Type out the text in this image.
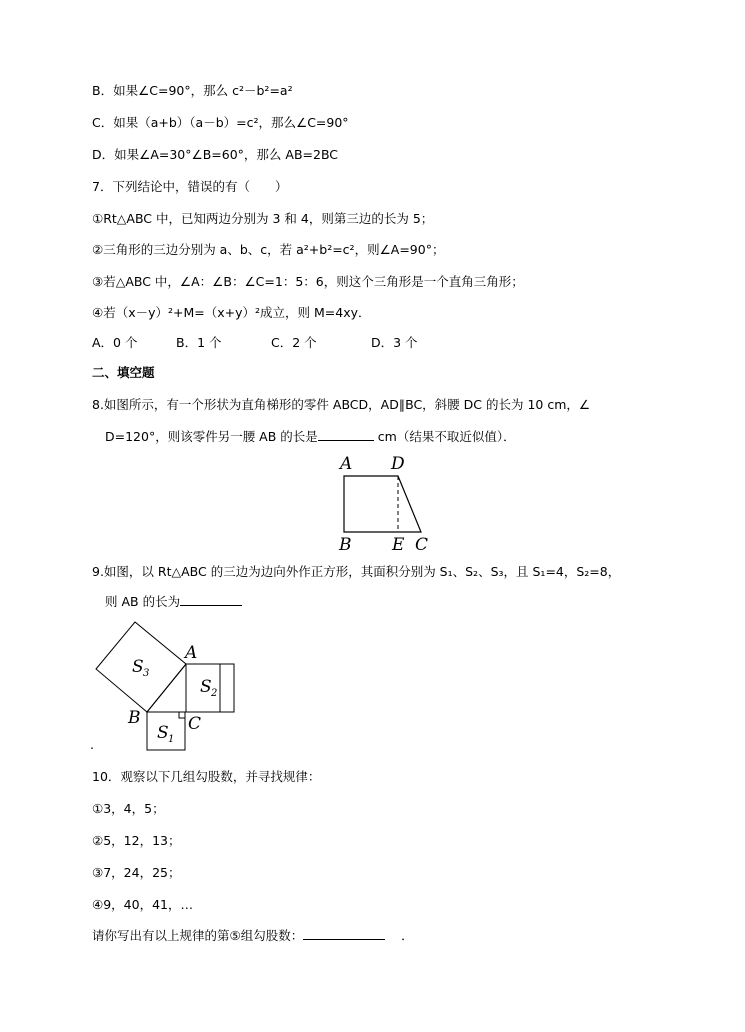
B．如果∠C=90°，那么 c²－b²=a²
C．如果（a+b）（a－b）=c²，那么∠C=90°
D．如果∠A=30°∠B=60°，那么 AB=2BC
7．下列结论中，错误的有（　　）
①Rt△ABC 中，已知两边分别为 3 和 4，则第三边的长为 5；
②三角形的三边分别为 a、b、c，若 a²+b²=c²，则∠A=90°；
③若△ABC 中，∠A：∠B：∠C=1：5：6，则这个三角形是一个直角三角形；
④若（x－y）²+M=（x+y）²成立，则 M=4xy．
A．0 个	B．1 个	C．2 个	D．3 个
二、填空题
8.如图所示，有一个形状为直角梯形的零件 ABCD，AD∥BC，斜腰 DC 的长为 10 cm，∠
D=120°，则该零件另一腰 AB 的长是	cm（结果不取近似值）．
A D
B E C
9.如图，以 Rt△ABC 的三边为边向外作正方形，其面积分别为 S₁、S₂、S₃，且 S₁=4，S₂=8，
则 AB 的长为
S 3
S 2
S 1
A
B	C
.
10．观察以下几组勾股数，并寻找规律：
①3，4，5；
②5，12，13；
③7，24，25；
④9，40，41，…
请你写出有以上规律的第⑤组勾股数：	．
